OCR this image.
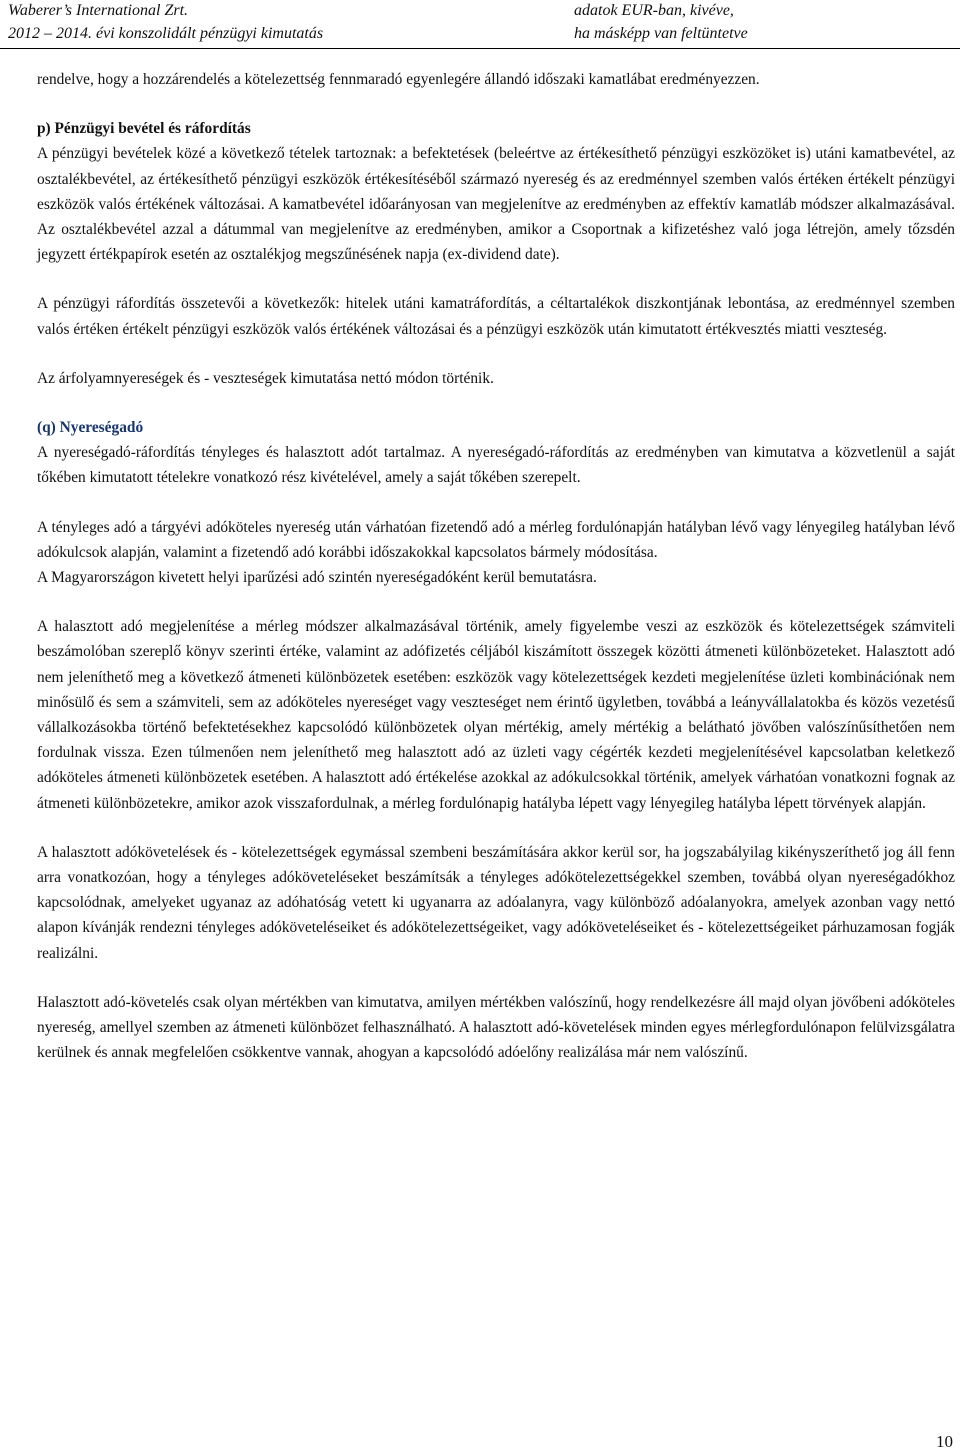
Waberer’s International Zrt.
2012 – 2014. évi konszolidált pénzügyi kimutatás
adatok EUR-ban, kivéve,
ha másképp van feltüntetve

rendelve, hogy a hozzárendelés a kötelezettség fennmaradó egyenlegére állandó időszaki kamatlábat eredményezzen.

p) Pénzügyi bevétel és ráfordítás

A pénzügyi bevételek közé a következő tételek tartoznak: a befektetések (beleértve az értékesíthető pénzügyi eszközöket is) utáni kamatbevétel, az osztalékbevétel, az értékesíthető pénzügyi eszközök értékesítéséből származó nyereség és az eredménnyel szemben valós értéken értékelt pénzügyi eszközök valós értékének változásai. A kamatbevétel időarányosan van megjelenítve az eredményben az effektív kamatláb módszer alkalmazásával. Az osztalékbevétel azzal a dátummal van megjelenítve az eredményben, amikor a Csoportnak a kifizetéshez való joga létrejön, amely tőzsdén jegyzett értékpapírok esetén az osztalékjog megszűnésének napja (ex-dividend date).

A pénzügyi ráfordítás összetevői a következők: hitelek utáni kamatráfordítás, a céltartalékok diszkontjának lebontása, az eredménnyel szemben valós értéken értékelt pénzügyi eszközök valós értékének változásai és a pénzügyi eszközök után kimutatott értékvesztés miatti veszteség.

Az árfolyamnyereségek és - veszteségek kimutatása nettó módon történik.

(q) Nyereségadó

A nyereségadó-ráfordítás tényleges és halasztott adót tartalmaz. A nyereségadó-ráfordítás az eredményben van kimutatva a közvetlenül a saját tőkében kimutatott tételekre vonatkozó rész kivételével, amely a saját tőkében szerepelt.

A tényleges adó a tárgyévi adóköteles nyereség után várhatóan fizetendő adó a mérleg fordulónapján hatályban lévő vagy lényegileg hatályban lévő adókulcsok alapján, valamint a fizetendő adó korábbi időszakokkal kapcsolatos bármely módosítása.

A Magyarországon kivetett helyi iparűzési adó szintén nyereségadóként kerül bemutatásra.

A halasztott adó megjelenítése a mérleg módszer alkalmazásával történik, amely figyelembe veszi az eszközök és kötelezettségek számviteli beszámolóban szereplő könyv szerinti értéke, valamint az adófizetés céljából kiszámított összegek közötti átmeneti különbözeteket. Halasztott adó nem jeleníthető meg a következő átmeneti különbözetek esetében: eszközök vagy kötelezettségek kezdeti megjelenítése üzleti kombinációnak nem minősülő és sem a számviteli, sem az adóköteles nyereséget vagy veszteséget nem érintő ügyletben, továbbá a leányvállalatokba és közös vezetésű vállalkozásokba történő befektetésekhez kapcsolódó különbözetek olyan mértékig, amely mértékig a belátható jövőben valószínűsíthetően nem fordulnak vissza. Ezen túlmenően nem jeleníthető meg halasztott adó az üzleti vagy cégérték kezdeti megjelenítésével kapcsolatban keletkező adóköteles átmeneti különbözetek esetében. A halasztott adó értékelése azokkal az adókulcsokkal történik, amelyek várhatóan vonatkozni fognak az átmeneti különbözetekre, amikor azok visszafordulnak, a mérleg fordulónapig hatályba lépett vagy lényegileg hatályba lépett törvények alapján.

A halasztott adókövetelések és - kötelezettségek egymással szembeni beszámítására akkor kerül sor, ha jogszabályilag kikényszeríthető jog áll fenn arra vonatkozóan, hogy a tényleges adóköveteléseket beszámítsák a tényleges adókötelezettségekkel szemben, továbbá olyan nyereségadókhoz kapcsolódnak, amelyeket ugyanaz az adóhatóság vetett ki ugyanarra az adóalanyra, vagy különböző adóalanyokra, amelyek azonban vagy nettó alapon kívánják rendezni tényleges adóköveteléseiket és adókötelezettségeiket, vagy adóköveteléseiket és - kötelezettségeiket párhuzamosan fogják realizálni.

Halasztott adó-követelés csak olyan mértékben van kimutatva, amilyen mértékben valószínű, hogy rendelkezésre áll majd olyan jövőbeni adóköteles nyereség, amellyel szemben az átmeneti különbözet felhasználható. A halasztott adó-követelések minden egyes mérlegfordulónapon felülvizsgálatra kerülnek és annak megfelelően csökkentve vannak, ahogyan a kapcsolódó adóelőny realizálása már nem valószínű.

10
